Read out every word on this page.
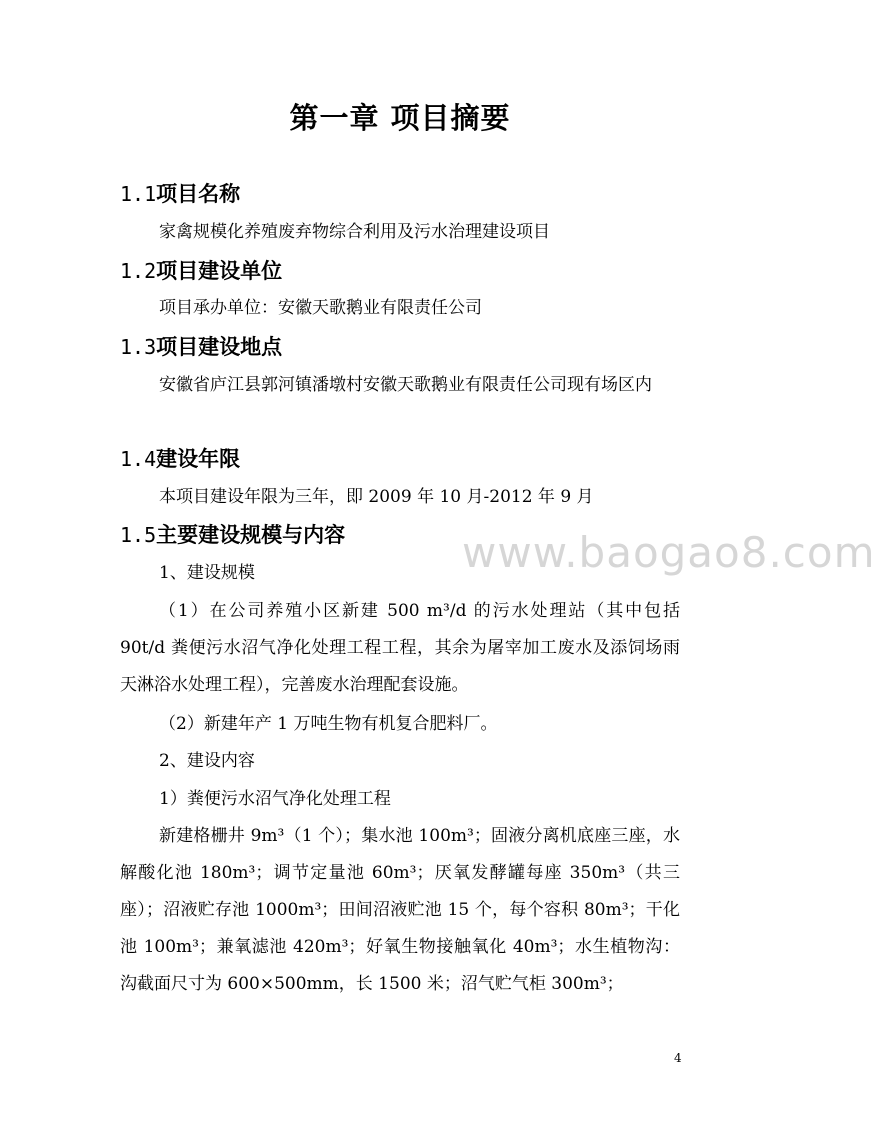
第一章 项目摘要
1.1项目名称
家禽规模化养殖废弃物综合利用及污水治理建设项目
1.2项目建设单位
项目承办单位：安徽天歌鹅业有限责任公司
1.3项目建设地点
安徽省庐江县郭河镇潘墩村安徽天歌鹅业有限责任公司现有场区内
1.4建设年限
本项目建设年限为三年，即 2009 年 10 月-2012 年 9 月
1.5主要建设规模与内容	www.baogao8.com
1、建设规模
（1）在公司养殖小区新建 500 m³/d 的污水处理站（其中包括 90t/d 粪便污水沼气净化处理工程工程，其余为屠宰加工废水及添饲场雨天淋浴水处理工程），完善废水治理配套设施。
（2）新建年产 1 万吨生物有机复合肥料厂。
2、建设内容
1）粪便污水沼气净化处理工程
新建格栅井 9m³（1 个）；集水池 100m³；固液分离机底座三座，水解酸化池 180m³；调节定量池 60m³；厌氧发酵罐每座 350m³（共三座）；沼液贮存池 1000m³；田间沼液贮池 15 个，每个容积 80m³；干化池 100m³；兼氧滤池 420m³；好氧生物接触氧化 40m³；水生植物沟：沟截面尺寸为 600×500mm，长 1500 米；沼气贮气柜 300m³；
4
